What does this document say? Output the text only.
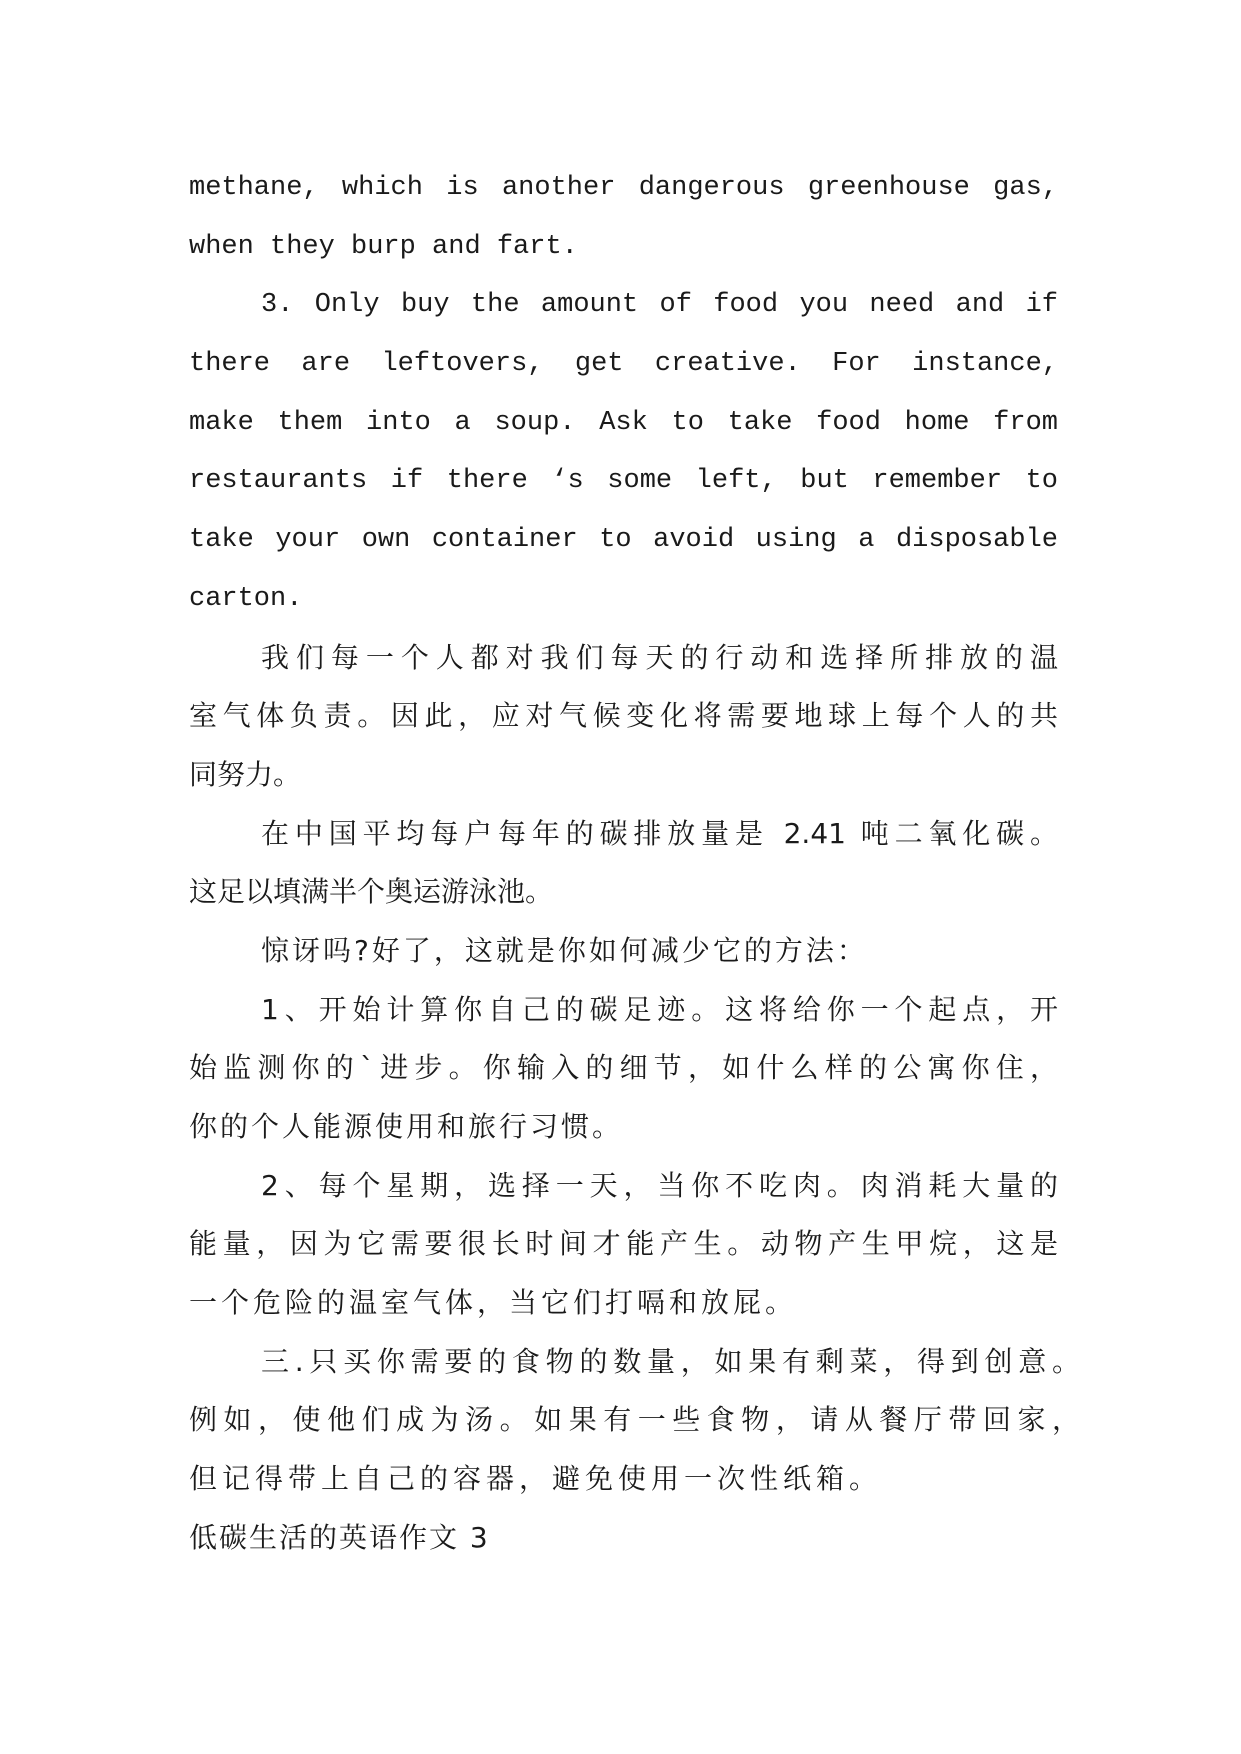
methane, which is another dangerous greenhouse gas,
when they burp and fart.
3. Only buy the amount of food you need and if
there are leftovers, get creative. For instance,
make them into a soup. Ask to take food home from
restaurants if there ‘s some left, but remember to
take your own container to avoid using a disposable
carton.
我们每一个人都对我们每天的行动和选择所排放的温
室气体负责。因此，应对气候变化将需要地球上每个人的共
同努力。
在中国平均每户每年的碳排放量是 2.41 吨二氧化碳。
这足以填满半个奥运游泳池。
惊讶吗?好了，这就是你如何减少它的方法：
1、开始计算你自己的碳足迹。这将给你一个起点，开
始监测你的`进步。你输入的细节，如什么样的公寓你住，
你的个人能源使用和旅行习惯。
2、每个星期，选择一天，当你不吃肉。肉消耗大量的
能量，因为它需要很长时间才能产生。动物产生甲烷，这是
一个危险的温室气体，当它们打嗝和放屁。
三.只买你需要的食物的数量，如果有剩菜，得到创意。
例如，使他们成为汤。如果有一些食物，请从餐厅带回家，
但记得带上自己的容器，避免使用一次性纸箱。
低碳生活的英语作文 3
